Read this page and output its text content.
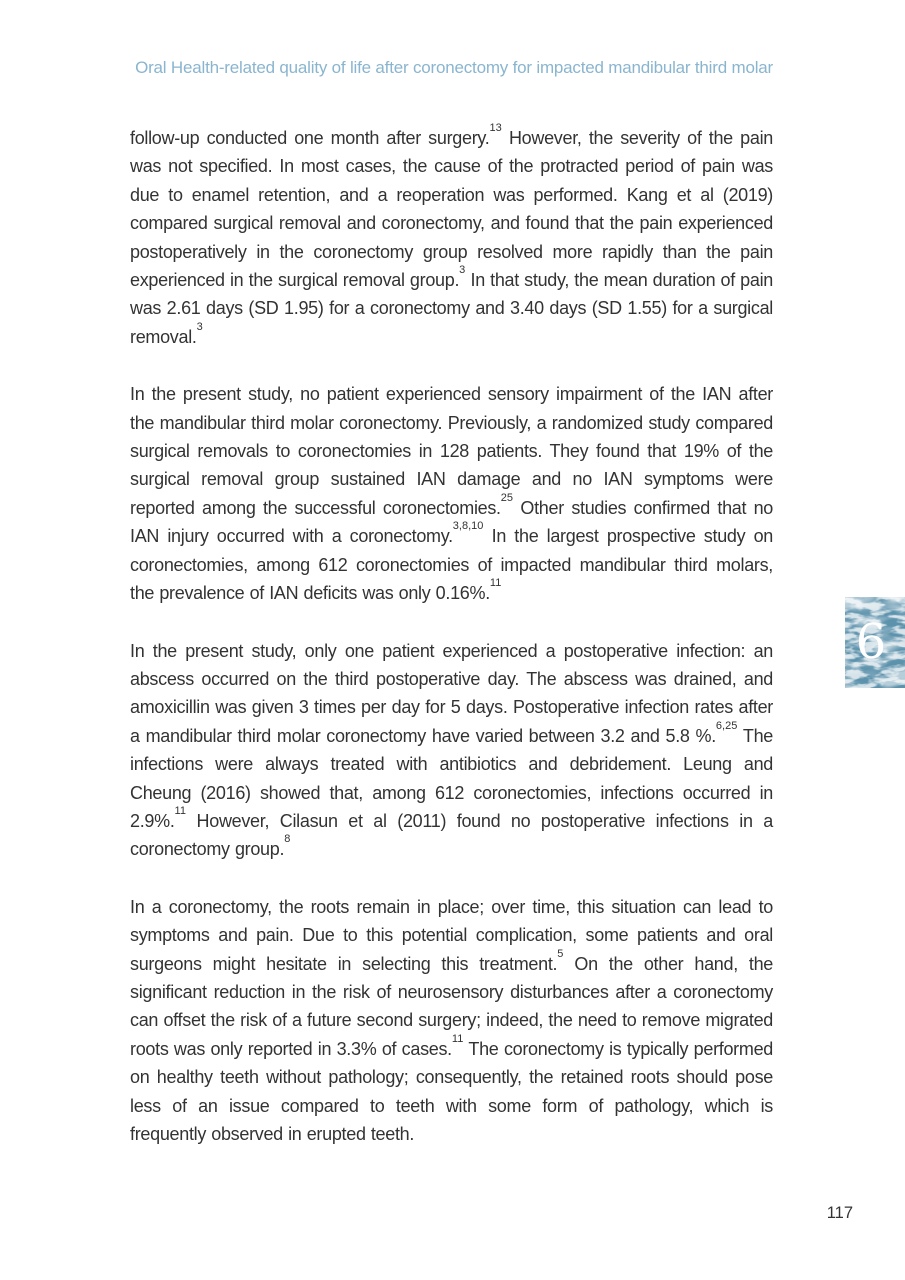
Oral Health-related quality of life after coronectomy for impacted mandibular third molar

follow-up conducted one month after surgery.$^{13}$ However, the severity of the pain was not specified. In most cases, the cause of the protracted period of pain was due to enamel retention, and a reoperation was performed. Kang et al (2019) compared surgical removal and coronectomy, and found that the pain experienced postoperatively in the coronectomy group resolved more rapidly than the pain experienced in the surgical removal group.$^3$ In that study, the mean duration of pain was 2.61 days (SD 1.95) for a coronectomy and 3.40 days (SD 1.55) for a surgical removal.$^3$

In the present study, no patient experienced sensory impairment of the IAN after the mandibular third molar coronectomy. Previously, a randomized study compared surgical removals to coronectomies in 128 patients. They found that 19% of the surgical removal group sustained IAN damage and no IAN symptoms were reported among the successful coronectomies.$^{25}$ Other studies confirmed that no IAN injury occurred with a coronectomy.$^{3,8,10}$ In the largest prospective study on coronectomies, among 612 coronectomies of impacted mandibular third molars, the prevalence of IAN deficits was only 0.16%.$^{11}$

In the present study, only one patient experienced a postoperative infection: an abscess occurred on the third postoperative day. The abscess was drained, and amoxicillin was given 3 times per day for 5 days. Postoperative infection rates after a mandibular third molar coronectomy have varied between 3.2 and 5.8 %.$^{6,25}$ The infections were always treated with antibiotics and debridement. Leung and Cheung (2016) showed that, among 612 coronectomies, infections occurred in 2.9%.$^{11}$ However, Cilasun et al (2011) found no postoperative infections in a coronectomy group.$^8$

In a coronectomy, the roots remain in place; over time, this situation can lead to symptoms and pain. Due to this potential complication, some patients and oral surgeons might hesitate in selecting this treatment.$^5$ On the other hand, the significant reduction in the risk of neurosensory disturbances after a coronectomy can offset the risk of a future second surgery; indeed, the need to remove migrated roots was only reported in 3.3% of cases.$^{11}$ The coronectomy is typically performed on healthy teeth without pathology; consequently, the retained roots should pose less of an issue compared to teeth with some form of pathology, which is frequently observed in erupted teeth.

6
117
